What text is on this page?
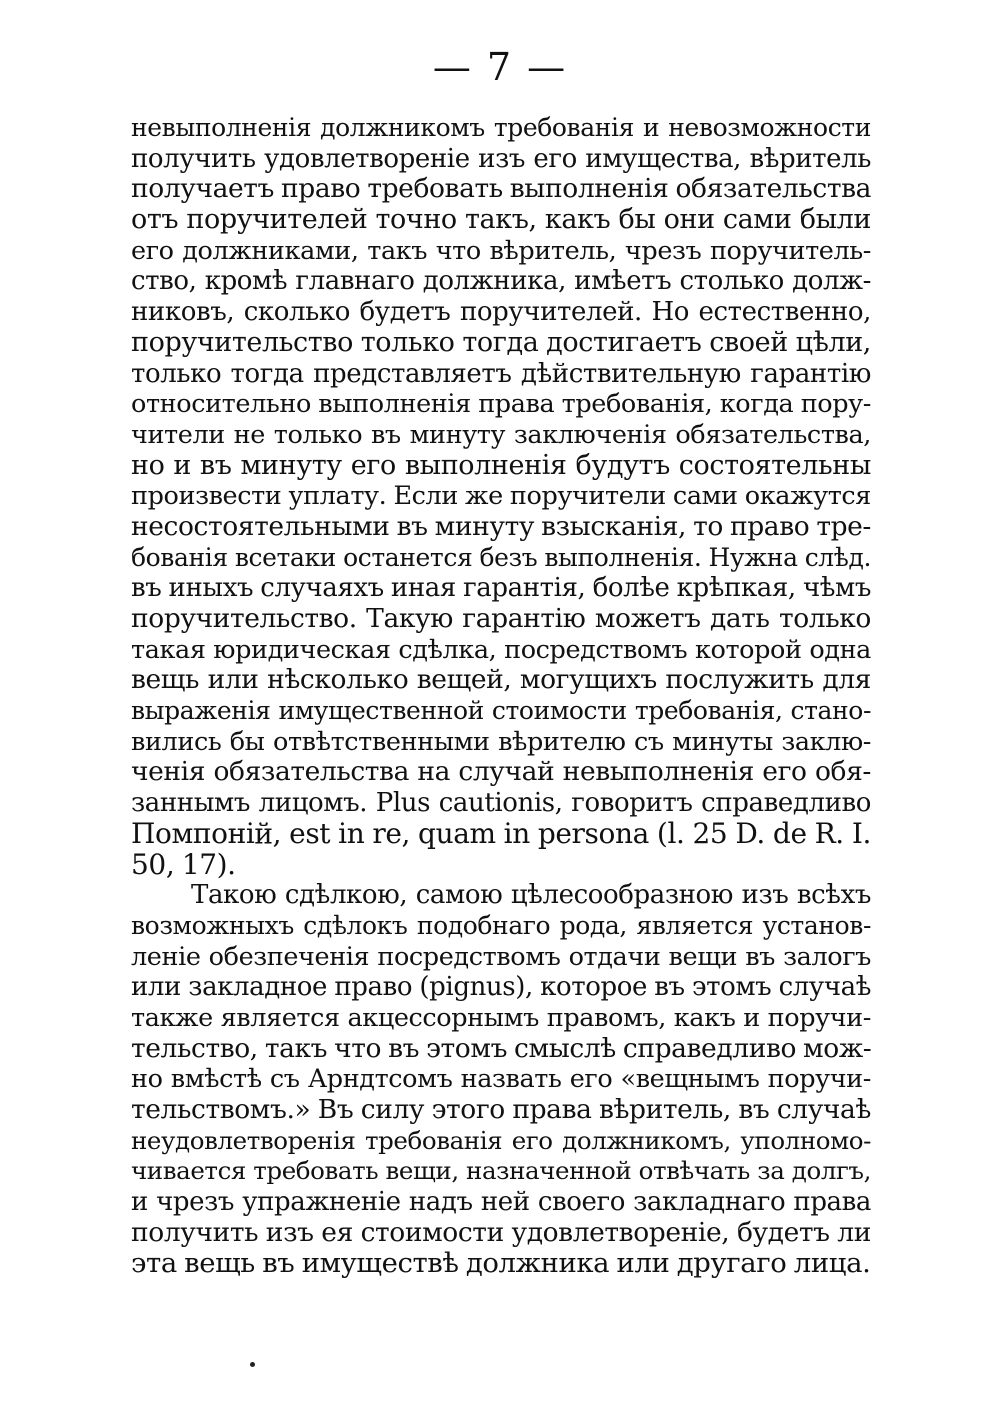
— 7 —
невыполненія должникомъ требованія и невозможности
получить удовлетвореніе изъ его имущества, вѣритель
получаетъ право требовать выполненія обязательства
отъ поручителей точно такъ, какъ бы они сами были
его должниками, такъ что вѣритель, чрезъ поручитель-
ство, кромѣ главнаго должника, имѣетъ столько долж-
никовъ, сколько будетъ поручителей. Но естественно,
поручительство только тогда достигаетъ своей цѣли,
только тогда представляетъ дѣйствительную гарантію
относительно выполненія права требованія, когда пору-
чители не только въ минуту заключенія обязательства,
но и въ минуту его выполненія будутъ состоятельны
произвести уплату. Если же поручители сами окажутся
несостоятельными въ минуту взысканія, то право тре-
бованія всетаки останется безъ выполненія. Нужна слѣд.
въ иныхъ случаяхъ иная гарантія, болѣе крѣпкая, чѣмъ
поручительство. Такую гарантію можетъ дать только
такая юридическая сдѣлка, посредствомъ которой одна
вещь или нѣсколько вещей, могущихъ послужить для
выраженія имущественной стоимости требованія, стано-
вились бы отвѣтственными вѣрителю съ минуты заклю-
ченія обязательства на случай невыполненія его обя-
заннымъ лицомъ. Plus cautionis, говоритъ справедливо
Помпоній, est in re, quam in persona (l. 25 D. de R. I.
50, 17).
Такою сдѣлкою, самою цѣлесообразною изъ всѣхъ
возможныхъ сдѣлокъ подобнаго рода, является установ-
леніе обезпеченія посредствомъ отдачи вещи въ залогъ
или закладное право (pignus), которое въ этомъ случаѣ
также является акцессорнымъ правомъ, какъ и поручи-
тельство, такъ что въ этомъ смыслѣ справедливо мож-
но вмѣстѣ съ Арндтсомъ назвать его «вещнымъ поручи-
тельствомъ.» Въ силу этого права вѣритель, въ случаѣ
неудовлетворенія требованія его должникомъ, уполномо-
чивается требовать вещи, назначенной отвѣчать за долгъ,
и чрезъ упражненіе надъ ней своего закладнаго права
получить изъ ея стоимости удовлетвореніе, будетъ ли
эта вещь въ имуществѣ должника или другаго лица.
